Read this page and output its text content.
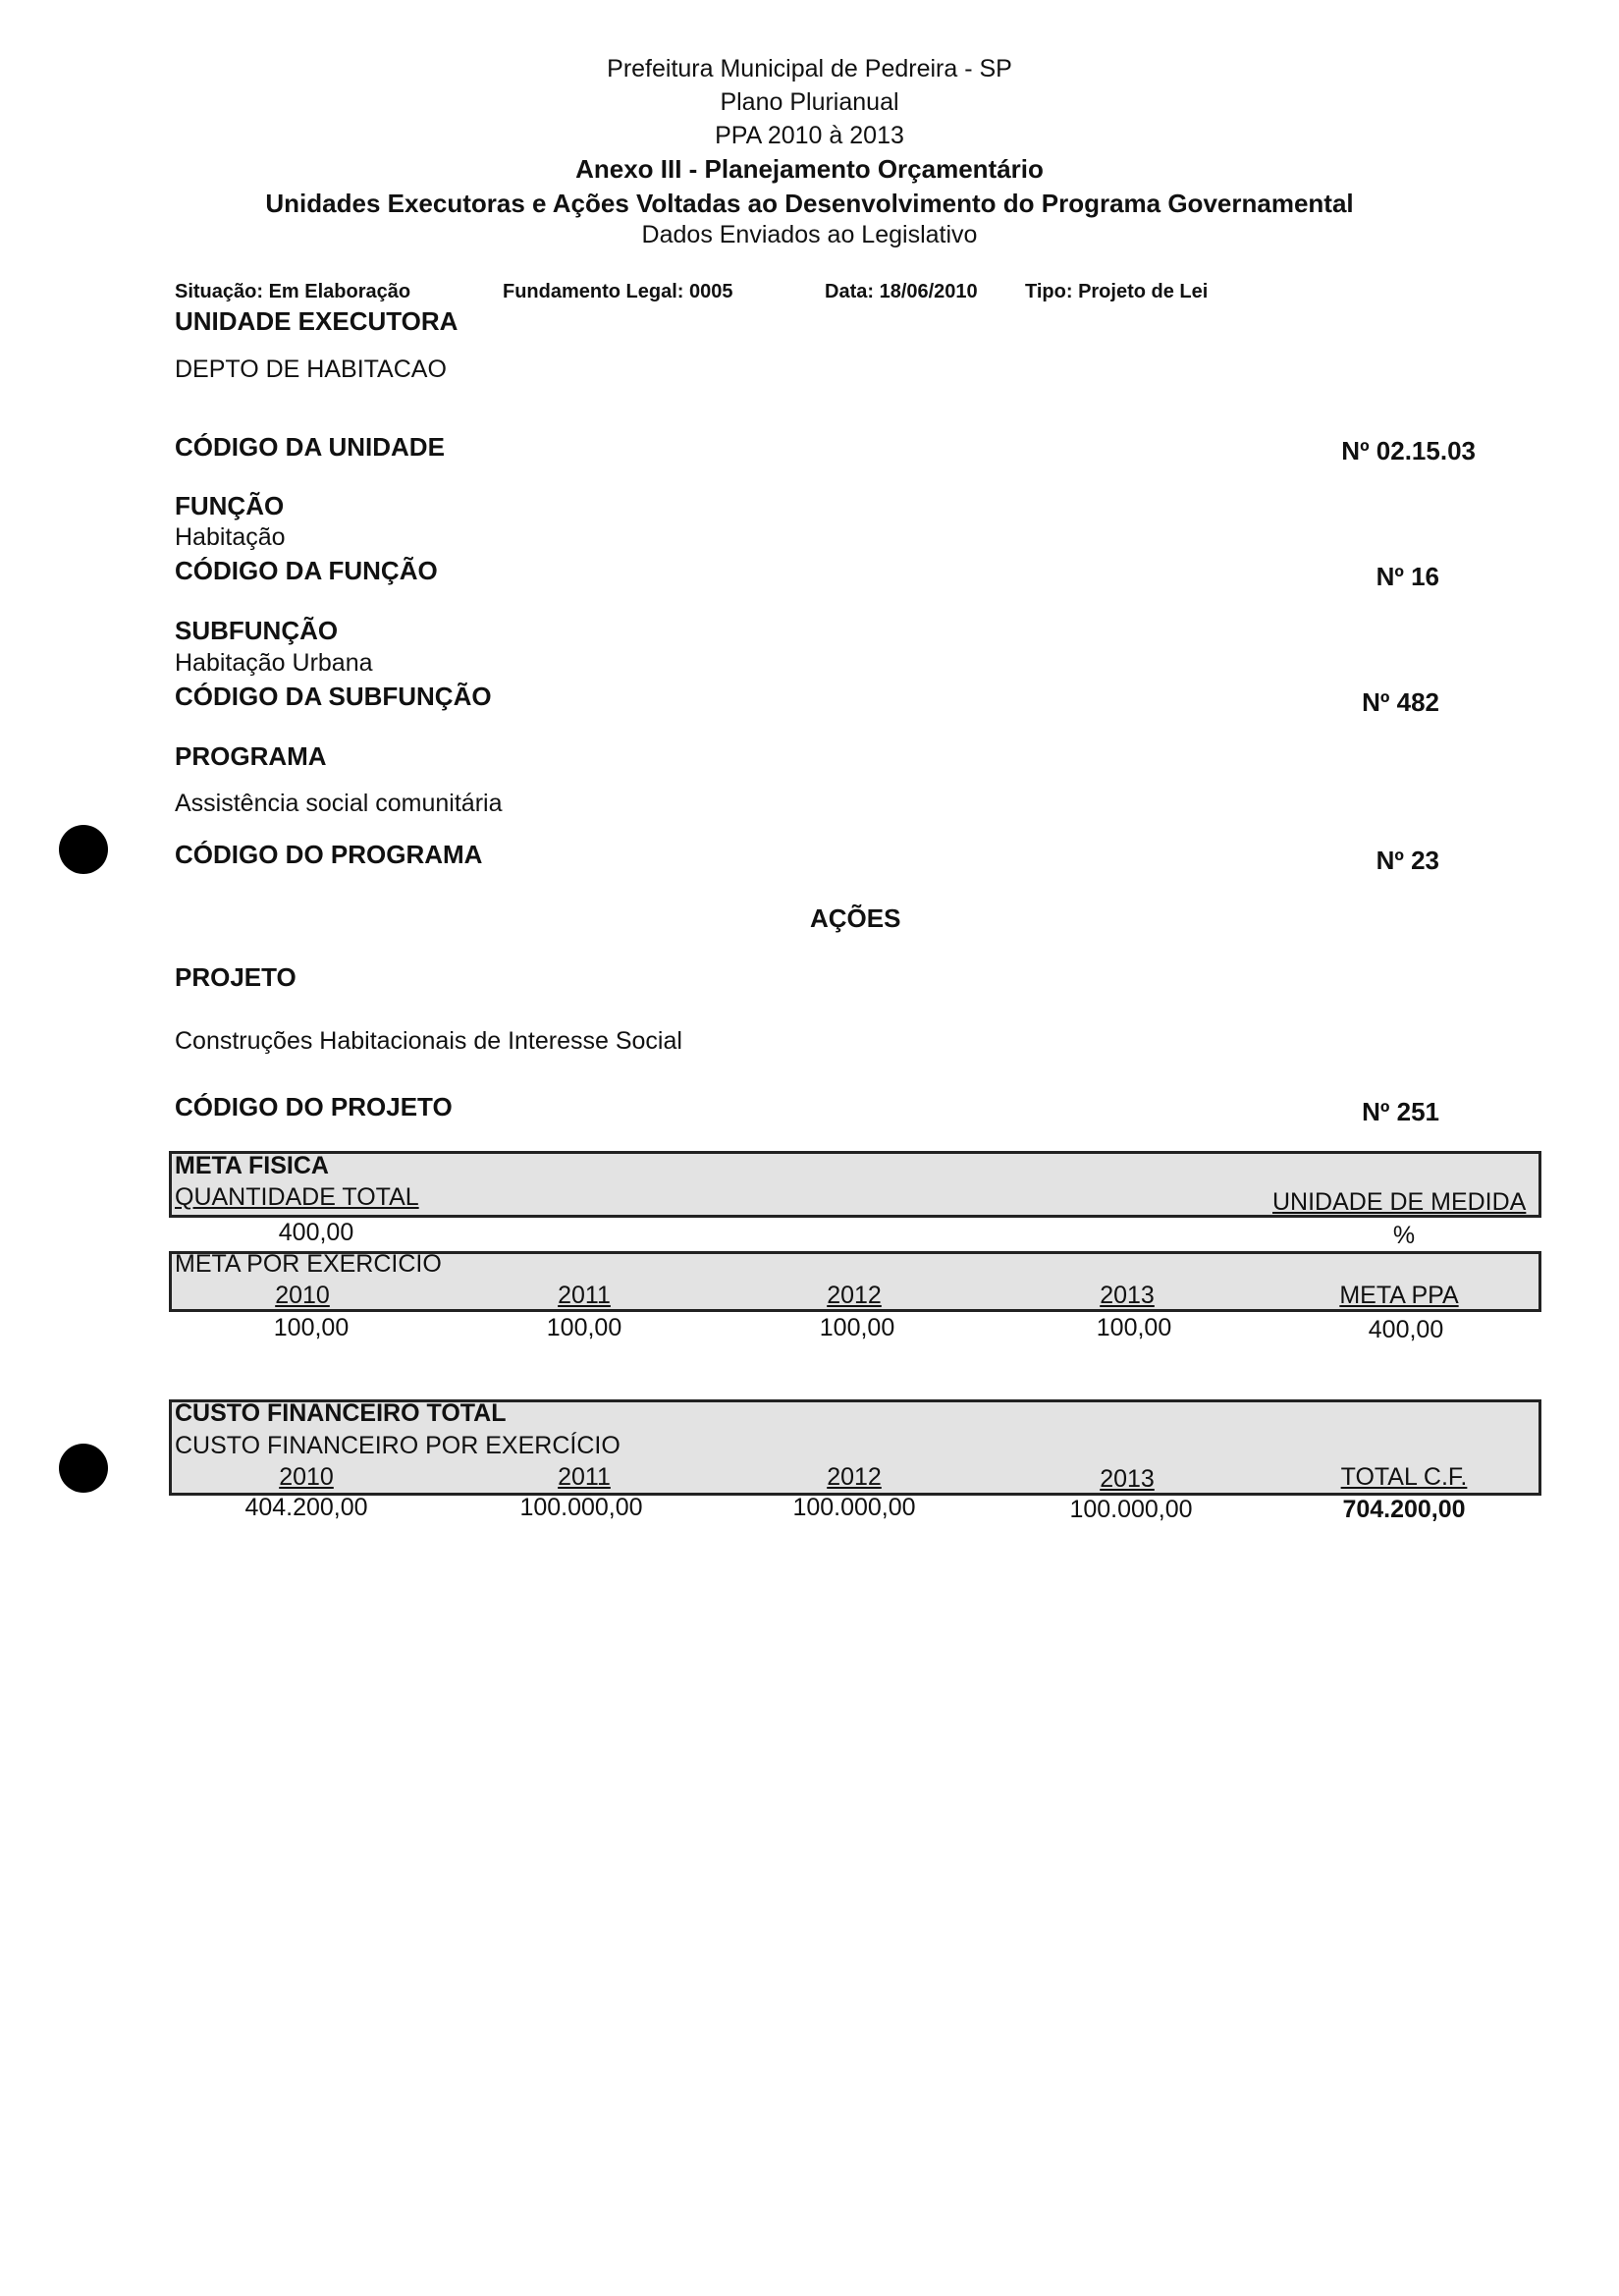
Prefeitura Municipal de Pedreira - SP
Plano Plurianual
PPA 2010 à 2013
Anexo III - Planejamento Orçamentário
Unidades Executoras e Ações Voltadas ao Desenvolvimento do Programa Governamental
Dados Enviados ao Legislativo
Situação: Em Elaboração	Fundamento Legal: 0005	Data: 18/06/2010 Tipo: Projeto de Lei
UNIDADE EXECUTORA
DEPTO DE HABITACAO
CÓDIGO DA UNIDADE	Nº 02.15.03
FUNÇÃO
Habitação
CÓDIGO DA FUNÇÃO	Nº 16
SUBFUNÇÃO
Habitação Urbana
CÓDIGO DA SUBFUNÇÃO	Nº 482
PROGRAMA
Assistência social comunitária
CÓDIGO DO PROGRAMA	Nº 23
AÇÕES
PROJETO
Construções Habitacionais de Interesse Social
CÓDIGO DO PROJETO	Nº 251
META FISICA
QUANTIDADE TOTAL	UNIDADE DE MEDIDA
400,00	%
META POR EXERCICIO
2010	2011	2012	2013	META PPA
100,00	100,00	100,00	100,00	400,00
CUSTO FINANCEIRO TOTAL
CUSTO FINANCEIRO POR EXERCÍCIO
2010	2011	2012	2013	TOTAL C.F.
404.200,00	100.000,00	100.000,00	100.000,00	704.200,00
